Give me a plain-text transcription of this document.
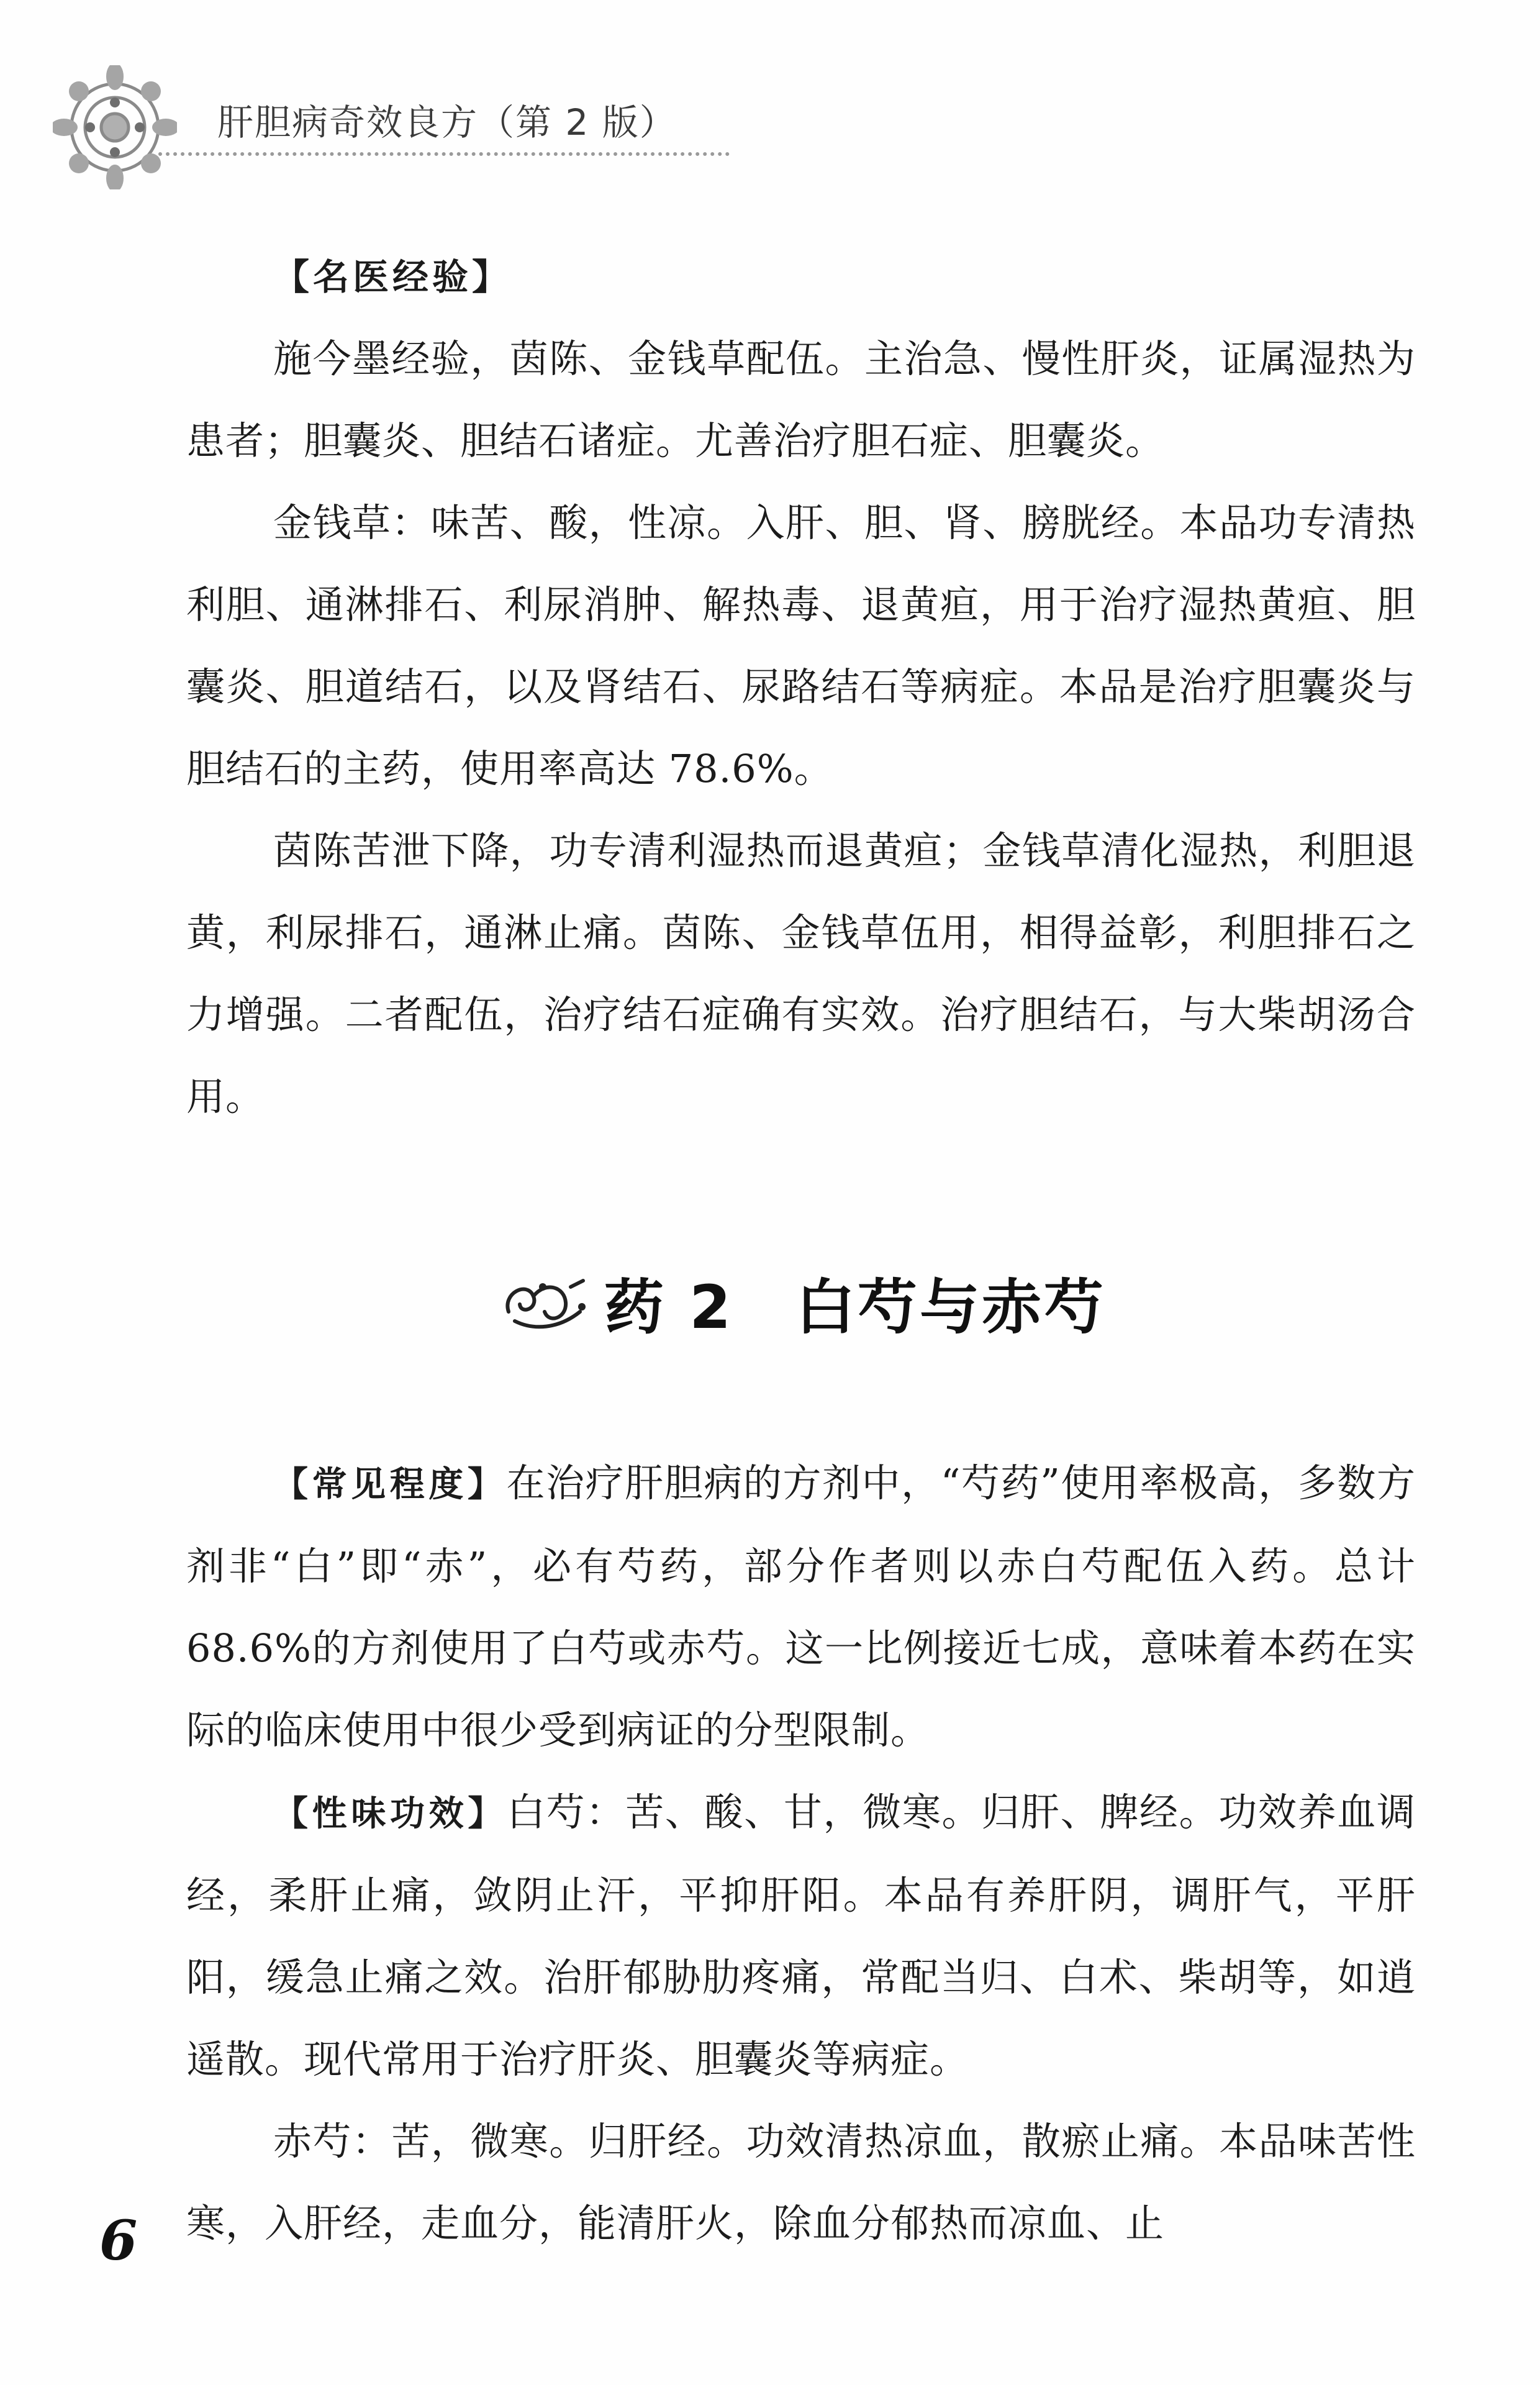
肝胆病奇效良方（第 2 版）
【名医经验】

施今墨经验，茵陈、金钱草配伍。主治急、慢性肝炎，证属湿热为患者；胆囊炎、胆结石诸症。尤善治疗胆石症、胆囊炎。

金钱草：味苦、酸，性凉。入肝、胆、肾、膀胱经。本品功专清热利胆、通淋排石、利尿消肿、解热毒、退黄疸，用于治疗湿热黄疸、胆囊炎、胆道结石，以及肾结石、尿路结石等病症。本品是治疗胆囊炎与胆结石的主药，使用率高达 78.6%。

茵陈苦泄下降，功专清利湿热而退黄疸；金钱草清化湿热，利胆退黄，利尿排石，通淋止痛。茵陈、金钱草伍用，相得益彰，利胆排石之力增强。二者配伍，治疗结石症确有实效。治疗胆结石，与大柴胡汤合用。

药 2　白芍与赤芍

【常见程度】在治疗肝胆病的方剂中，“芍药”使用率极高，多数方剂非“白”即“赤”，必有芍药，部分作者则以赤白芍配伍入药。总计 68.6%的方剂使用了白芍或赤芍。这一比例接近七成，意味着本药在实际的临床使用中很少受到病证的分型限制。

【性味功效】白芍：苦、酸、甘，微寒。归肝、脾经。功效养血调经，柔肝止痛，敛阴止汗，平抑肝阳。本品有养肝阴，调肝气，平肝阳，缓急止痛之效。治肝郁胁肋疼痛，常配当归、白术、柴胡等，如逍遥散。现代常用于治疗肝炎、胆囊炎等病症。

赤芍：苦，微寒。归肝经。功效清热凉血，散瘀止痛。本品味苦性寒，入肝经，走血分，能清肝火，除血分郁热而凉血、止

6
